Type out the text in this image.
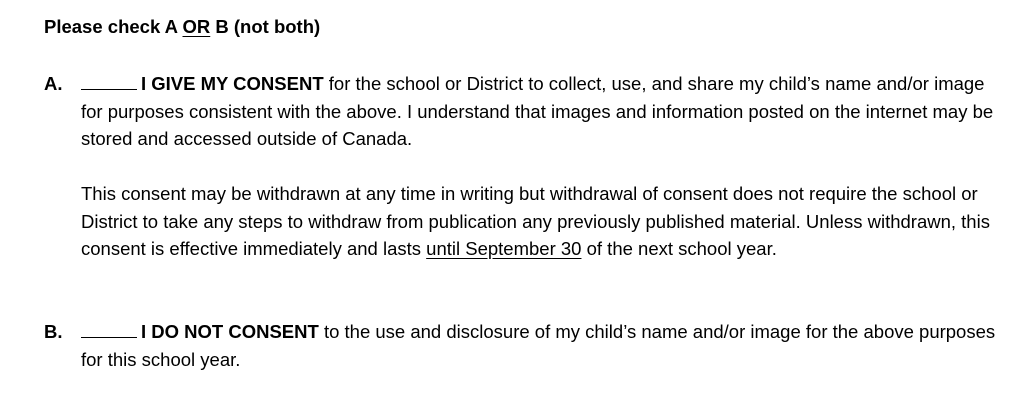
Please check A OR B (not both)
A.	I GIVE MY CONSENT for the school or District to collect, use, and share my child’s name and/or image for purposes consistent with the above. I understand that images and information posted on the internet may be stored and accessed outside of Canada.
This consent may be withdrawn at any time in writing but withdrawal of consent does not require the school or District to take any steps to withdraw from publication any previously published material. Unless withdrawn, this consent is effective immediately and lasts until September 30 of the next school year.
B.	I DO NOT CONSENT to the use and disclosure of my child’s name and/or image for the above purposes for this school year.
